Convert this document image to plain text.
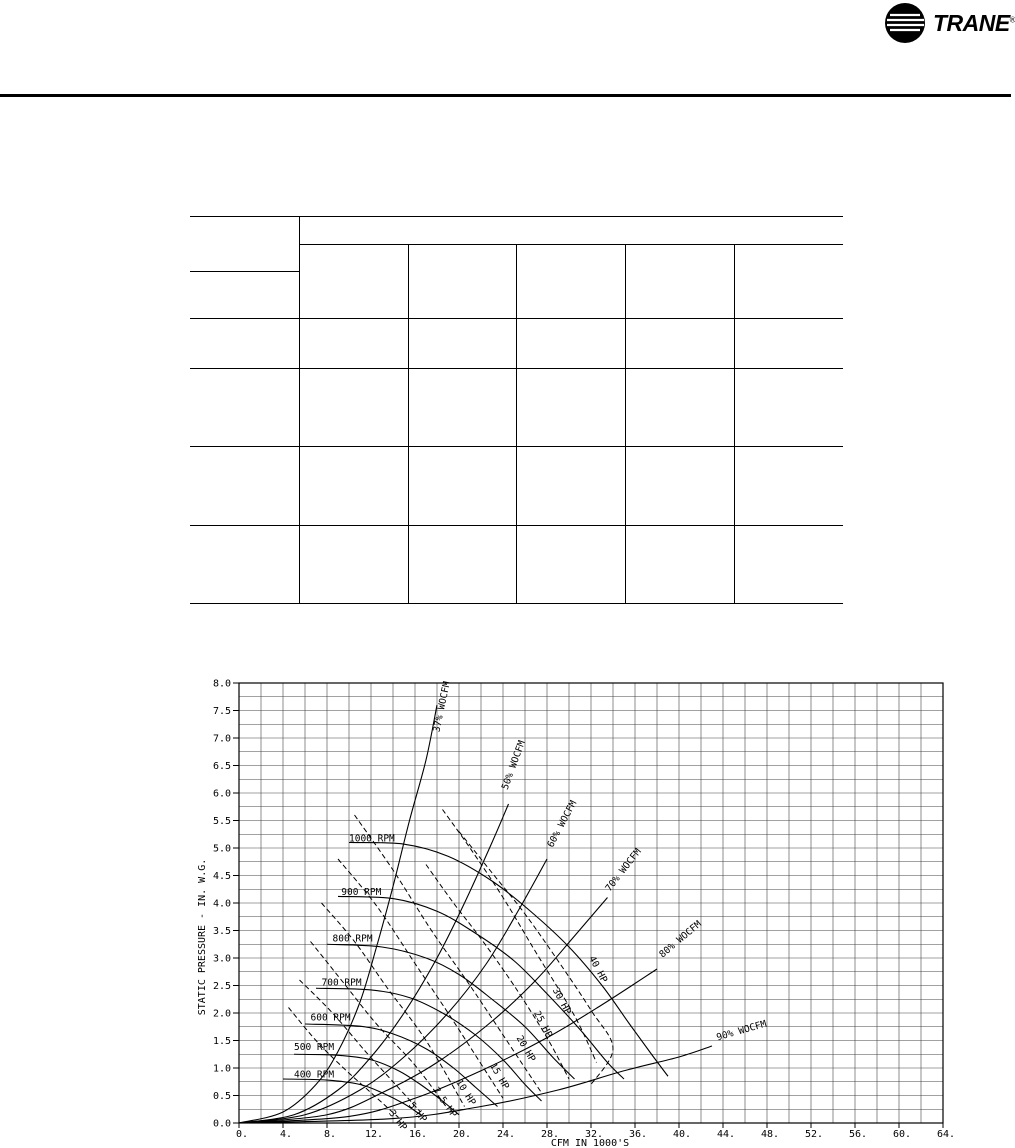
TRANE®
0.	4.	8.	12.	16.	20.	24.	28.	32.	36.	40.	44.	48.	52.	56.	60.	64.
0.0
0.5
1.0
1.5
2.0
2.5
3.0
3.5
4.0
4.5
5.0
5.5
6.0
6.5
7.0
7.5
8.0	37% WOCFM
50% WOCFM
60% WOCFM
70% WOCFM
80% WOCFM
90% WOCFM
400 RPM
500 RPM
600 RPM
700 RPM
800 RPM
900 RPM
1000 RPM
3 HP
5 HP 7.5 HP
10 HP
15 HP
20 HP
25 HP
30 HP
40 HP
CFM IN 1000'S
STATIC PRESSURE - IN. W.G.
